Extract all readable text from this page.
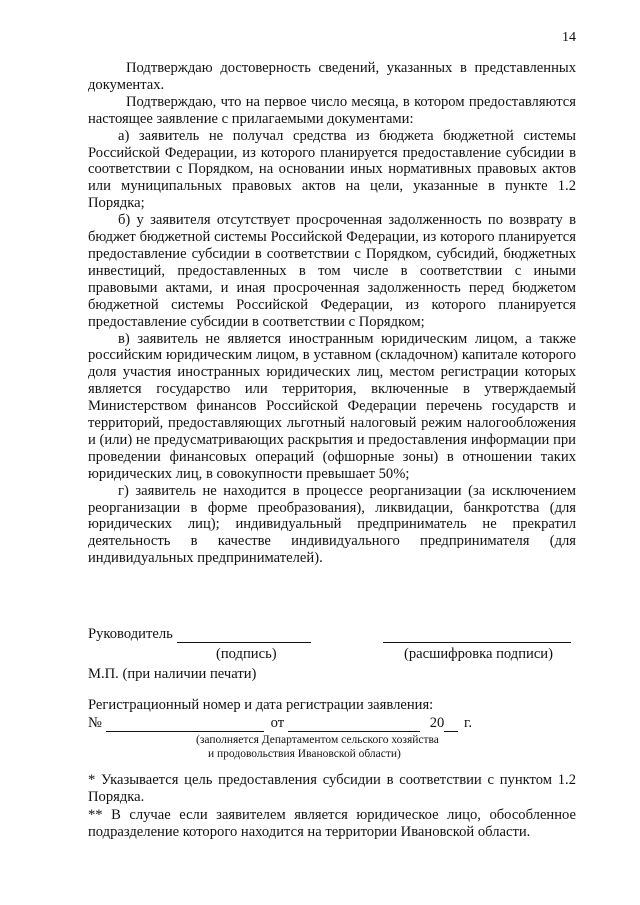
14

Подтверждаю достоверность сведений, указанных в представленных документах.

Подтверждаю, что на первое число месяца, в котором предоставляются настоящее заявление с прилагаемыми документами:

а) заявитель не получал средства из бюджета бюджетной системы Российской Федерации, из которого планируется предоставление субсидии в соответствии с Порядком, на основании иных нормативных правовых актов или муниципальных правовых актов на цели, указанные в пункте 1.2 Порядка;

б) у заявителя отсутствует просроченная задолженность по возврату в бюджет бюджетной системы Российской Федерации, из которого планируется предоставление субсидии в соответствии с Порядком, субсидий, бюджетных инвестиций, предоставленных в том числе в соответствии с иными правовыми актами, и иная просроченная задолженность перед бюджетом бюджетной системы Российской Федерации, из которого планируется предоставление субсидии в соответствии с Порядком;

в) заявитель не является иностранным юридическим лицом, а также российским юридическим лицом, в уставном (складочном) капитале которого доля участия иностранных юридических лиц, местом регистрации которых является государство или территория, включенные в утверждаемый Министерством финансов Российской Федерации перечень государств и территорий, предоставляющих льготный налоговый режим налогообложения и (или) не предусматривающих раскрытия и предоставления информации при проведении финансовых операций (офшорные зоны) в отношении таких юридических лиц, в совокупности превышает 50%;

г) заявитель не находится в процессе реорганизации (за исключением реорганизации в форме преобразования), ликвидации, банкротства (для юридических лиц); индивидуальный предприниматель не прекратил деятельность в качестве индивидуального предпринимателя (для индивидуальных предпринимателей).

Руководитель
(подпись)	(расшифровка подписи)
М.П. (при наличии печати)
Регистрационный номер и дата регистрации заявления:
№	от	20 г.
(заполняется Департаментом сельского хозяйства
и продовольствия Ивановской области)

* Указывается цель предоставления субсидии в соответствии с пунктом 1.2 Порядка.

** В случае если заявителем является юридическое лицо, обособленное подразделение которого находится на территории Ивановской области.
